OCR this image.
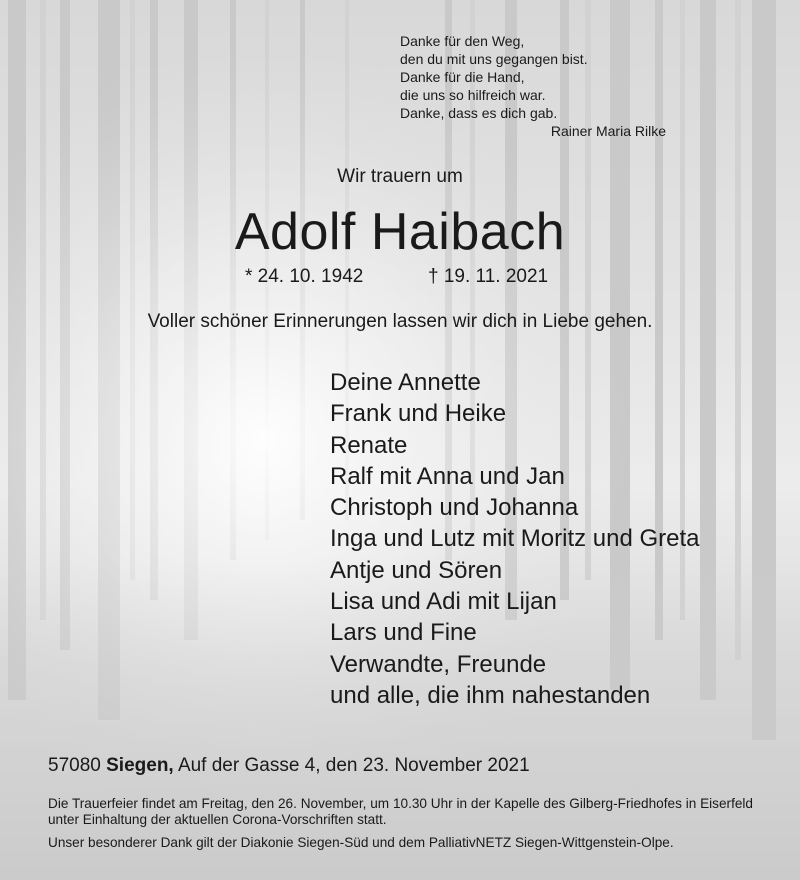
Danke für den Weg,
den du mit uns gegangen bist.
Danke für die Hand,
die uns so hilfreich war.
Danke, dass es dich gab.
Rainer Maria Rilke
Wir trauern um
Adolf Haibach
* 24. 10. 1942	† 19. 11. 2021
Voller schöner Erinnerungen lassen wir dich in Liebe gehen.
Deine Annette
Frank und Heike
Renate
Ralf mit Anna und Jan
Christoph und Johanna
Inga und Lutz mit Moritz und Greta
Antje und Sören
Lisa und Adi mit Lijan
Lars und Fine
Verwandte, Freunde
und alle, die ihm nahestanden
57080 Siegen, Auf der Gasse 4, den 23. November 2021
Die Trauerfeier findet am Freitag, den 26. November, um 10.30 Uhr in der Kapelle des Gilberg-Friedhofes in Eiserfeld unter Einhaltung der aktuellen Corona-Vorschriften statt.
Unser besonderer Dank gilt der Diakonie Siegen-Süd und dem PalliativNETZ Siegen-Wittgenstein-Olpe.
